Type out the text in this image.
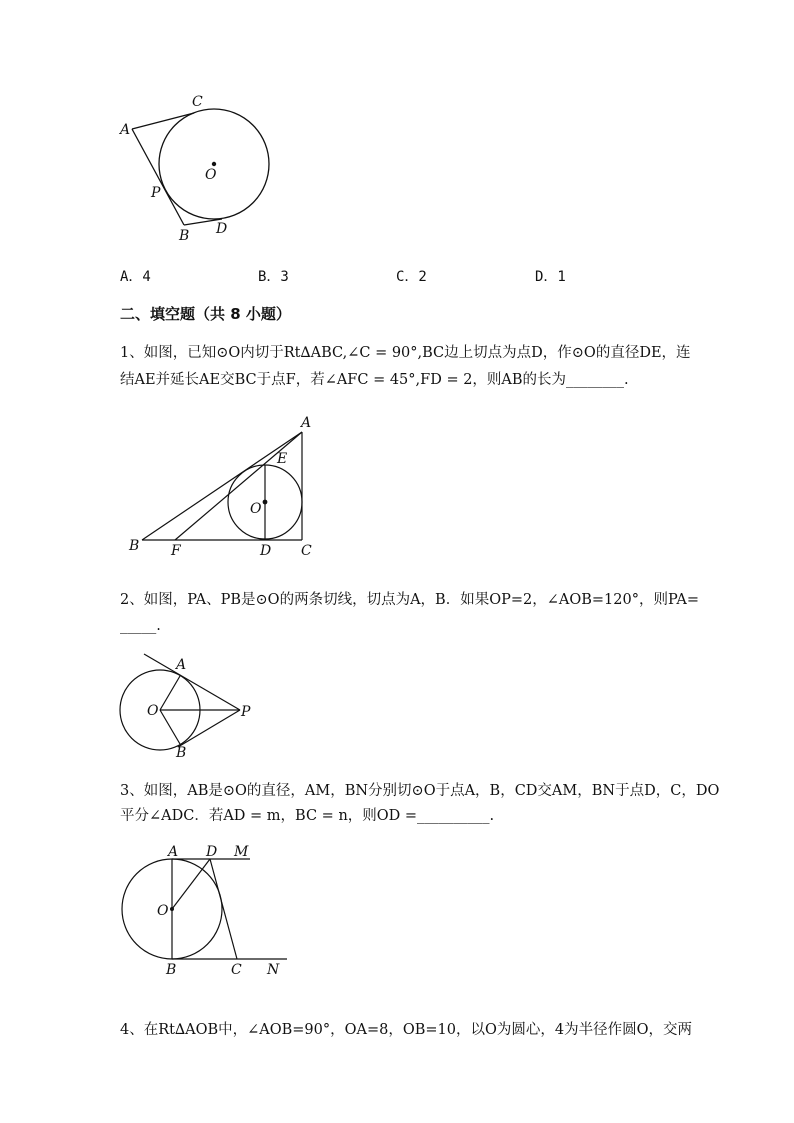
C
A
O
P
B D
A．4	B．3	C．2	D．1
二、填空题（共 8 小题）
1、如图，已知⊙O内切于Rt∆ABC,∠C = 90°,BC边上切点为点D，作⊙O的直径DE，连
结AE并延长AE交BC于点F，若∠AFC = 45°,FD = 2，则AB的长为________.
A
E
O
B F	D C
2、如图，PA、PB是⊙O的两条切线，切点为A，B．如果OP=2，∠AOB=120°，则PA=
_____.
A
O	P
B
3、如图，AB是⊙O的直径，AM，BN分别切⊙O于点A，B，CD交AM，BN于点D，C，DO
平分∠ADC．若AD = m，BC = n，则OD =__________.
A D M
O
B	C N
4、在Rt∆AOB中，∠AOB=90°，OA=8，OB=10，以O为圆心，4为半径作圆O，交两
